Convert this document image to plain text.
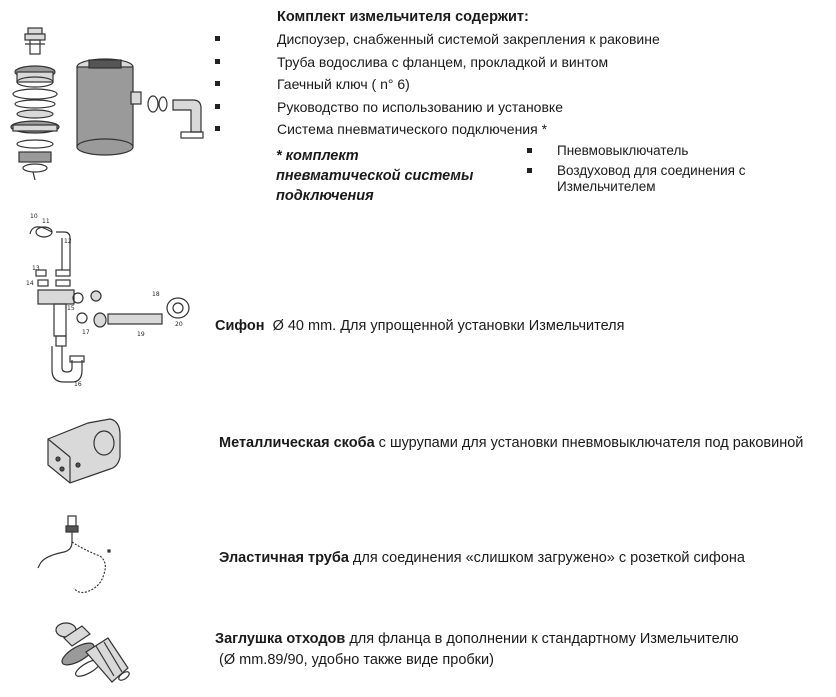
10
11
12
13
14
18
15
17	19
20
16
Комплект измельчителя содержит:
Диспоузер, снабженный системой закрепления к раковине
Труба водослива с фланцем, прокладкой и винтом
Гаечный ключ ( n° 6)
Руководство по использованию и установке
Система пневматического подключения *
* комплект
пневматической системы
подключения
Пневмовыключатель
Воздуховод для соединения с Измельчителем
Сифон Ø 40 mm. Для упрощенной установки Измельчителя
Металлическая скоба с шурупами для установки пневмовыключателя под раковиной
Эластичная труба для соединения «слишком загружено» с розеткой сифона
Заглушка отходов для фланца в дополнении к стандартному Измельчителю
(Ø mm.89/90, удобно также виде пробки)
